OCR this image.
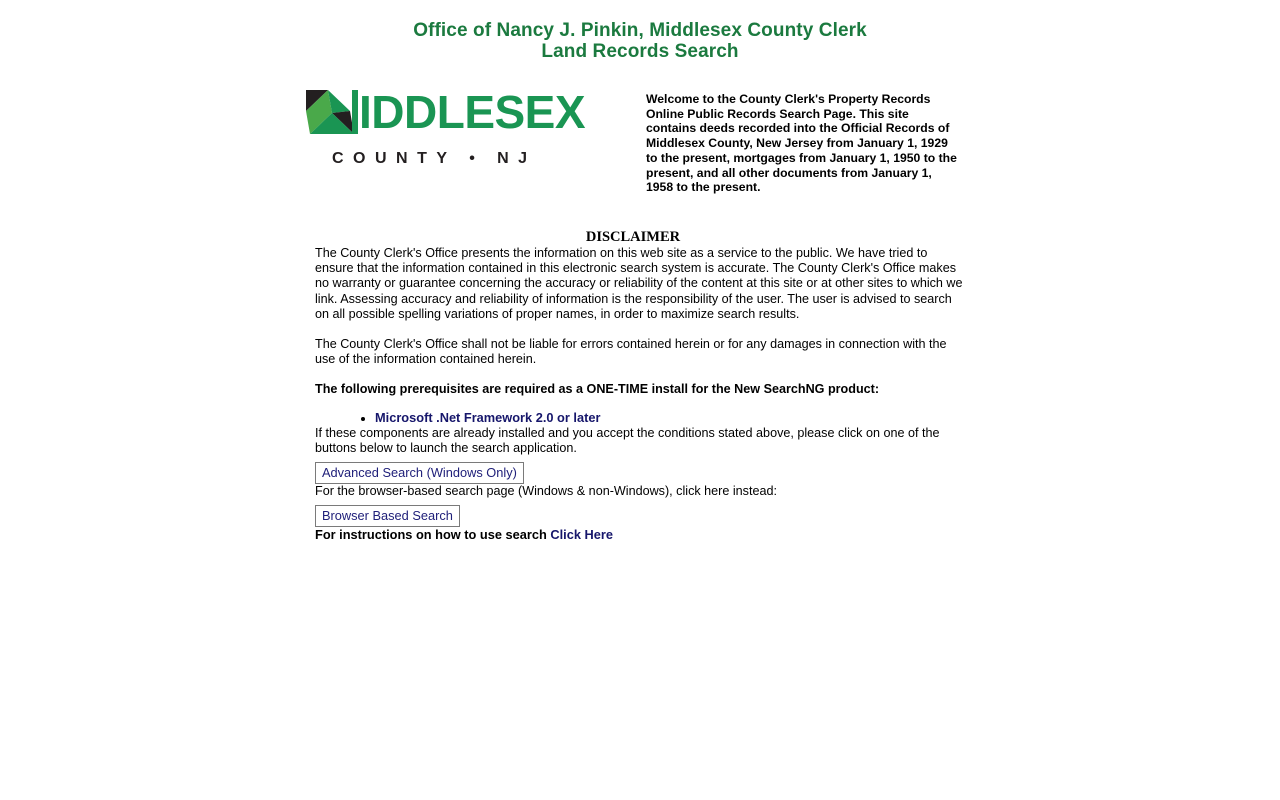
Office of Nancy J. Pinkin, Middlesex County Clerk
Land Records Search
IDDLESEX
COUNTY • NJ
Welcome to the County Clerk's Property Records Online Public Records Search Page. This site contains deeds recorded into the Official Records of Middlesex County, New Jersey from January 1, 1929 to the present, mortgages from January 1, 1950 to the present, and all other documents from January 1, 1958 to the present.
DISCLAIMER

The County Clerk's Office presents the information on this web site as a service to the public. We have tried to ensure that the information contained in this electronic search system is accurate. The County Clerk's Office makes no warranty or guarantee concerning the accuracy or reliability of the content at this site or at other sites to which we link. Assessing accuracy and reliability of information is the responsibility of the user. The user is advised to search on all possible spelling variations of proper names, in order to maximize search results.

The County Clerk's Office shall not be liable for errors contained herein or for any damages in connection with the use of the information contained herein.

The following prerequisites are required as a ONE-TIME install for the New SearchNG product:

• Microsoft .Net Framework 2.0 or later

If these components are already installed and you accept the conditions stated above, please click on one of the buttons below to launch the search application.

Advanced Search (Windows Only)

For the browser-based search page (Windows & non-Windows), click here instead:

Browser Based Search

For instructions on how to use search Click Here
